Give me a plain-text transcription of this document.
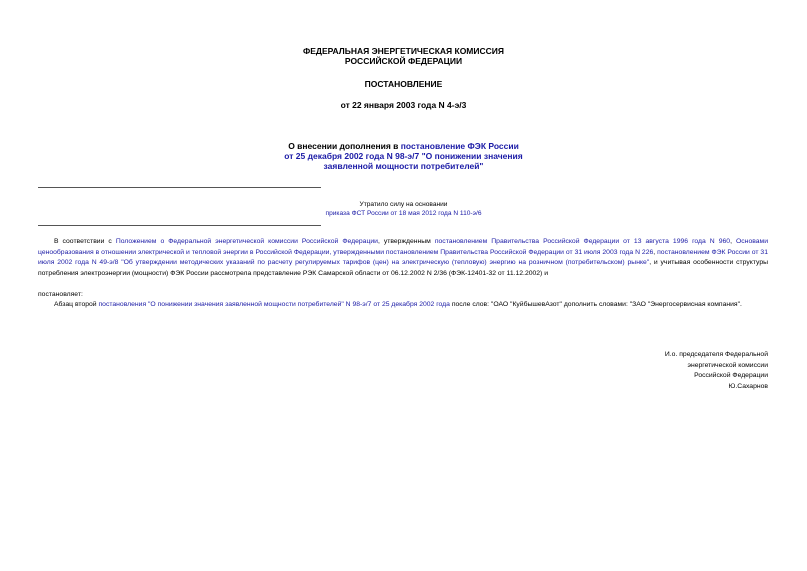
ФЕДЕРАЛЬНАЯ ЭНЕРГЕТИЧЕСКАЯ КОМИССИЯ
РОССИЙСКОЙ ФЕДЕРАЦИИ
ПОСТАНОВЛЕНИЕ
от 22 января 2003 года N 4-э/3
О внесении дополнения в постановление ФЭК России
от 25 декабря 2002 года N 98-э/7 "О понижении значения
заявленной мощности потребителей"
Утратило силу на основании
приказа ФСТ России от 18 мая 2012 года N 110-э/6
В соответствии с Положением о Федеральной энергетической комиссии Российской Федерации, утвержденным постановлением Правительства Российской Федерации от 13 августа 1996 года N 960, Основами ценообразования в отношении электрической и тепловой энергии в Российской Федерации, утвержденными постановлением Правительства Российской Федерации от 31 июля 2003 года N 226, постановлением ФЭК России от 31 июля 2002 года N 49-э/8 "Об утверждении методических указаний по расчету регулируемых тарифов (цен) на электрическую (тепловую) энергию на розничном (потребительском) рынке", и учитывая особенности структуры потребления электроэнергии (мощности) ФЭК России рассмотрела представление РЭК Самарской области от 06.12.2002 N 2/36 (ФЭК-12401-32 от 11.12.2002) и
постановляет:
Абзац второй постановления "О понижении значения заявленной мощности потребителей" N 98-э/7 от 25 декабря 2002 года после слов: "ОАО "КуйбышевАзот" дополнить словами: "ЗАО "Энергосервисная компания".
И.о. председателя Федеральной
энергетической комиссии
Российской Федерации
Ю.Сахарнов
